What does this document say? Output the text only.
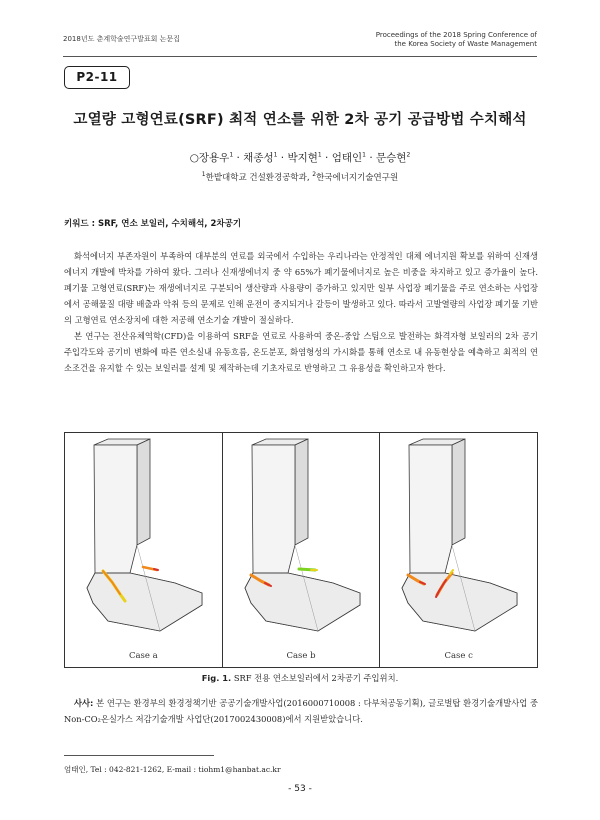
2018년도 춘계학술연구발표회 논문집	Proceedings of the 2018 Spring Conference of
the Korea Society of Waste Management
P2-11
고열량 고형연료(SRF) 최적 연소를 위한 2차 공기 공급방법 수치해석
○장용우$^1$ · 채종성$^1$ · 박지현$^1$ · 엄태인$^1$ · 문승현$^2$
$^1$한밭대학교 건설환경공학과, $^2$한국에너지기술연구원
키워드 : SRF, 연소 보일러, 수치해석, 2차공기

화석에너지 부존자원이 부족하여 대부분의 연료를 외국에서 수입하는 우리나라는 안정적인 대체 에너지원 확보를 위하여 신재생에너지 개발에 박차를 가하여 왔다. 그러나 신재생에너지 중 약 65%가 폐기물에너지로 높은 비중을 차지하고 있고 증가율이 높다. 폐기물 고형연료(SRF)는 재생에너지로 구분되어 생산량과 사용량이 증가하고 있지만 일부 사업장 폐기물을 주로 연소하는 사업장에서 공해물질 대량 배출과 악취 등의 문제로 인해 운전이 중지되거나 갈등이 발생하고 있다. 따라서 고발열량의 사업장 폐기물 기반의 고형연료 연소장치에 대한 저공해 연소기술 개발이 절실하다.

본 연구는 전산유체역학(CFD)을 이용하여 SRF을 연료로 사용하여 중온-중압 스팀으로 발전하는 화격자형 보일러의 2차 공기 주입각도와 공기비 변화에 따른 연소실내 유동흐름, 온도분포, 화염형성의 가시화를 통해 연소로 내 유동현상을 예측하고 최적의 연소조건을 유지할 수 있는 보일러를 설계 및 제작하는데 기초자료로 반영하고 그 유용성을 확인하고자 한다.

Case a	Case b	Case c
Fig. 1. SRF 전용 연소보일러에서 2차공기 주입위치.
사사: 본 연구는 환경부의 환경정책기반 공공기술개발사업(2016000710008 : 다부처공동기획), 글로벌탑 환경기술개발사업 중 Non-CO₂온실가스 저감기술개발 사업단(2017002430008)에서 지원받았습니다.
엄태인, Tel : 042-821-1262, E-mail : tiohm1@hanbat.ac.kr
- 53 -
